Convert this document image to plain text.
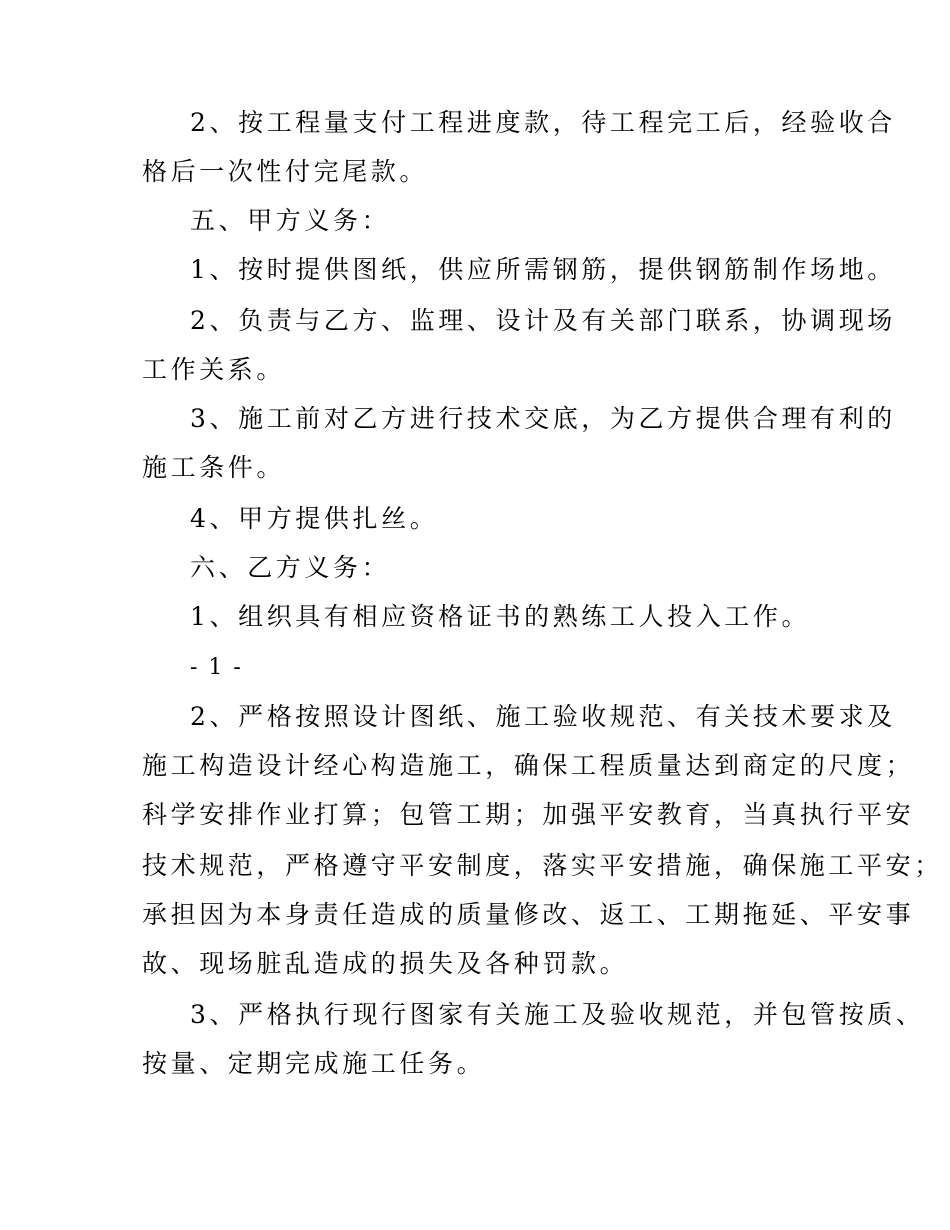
2、按工程量支付工程进度款，待工程完工后，经验收合
格后一次性付完尾款。
五、甲方义务：
1、按时提供图纸，供应所需钢筋，提供钢筋制作场地。
2、负责与乙方、监理、设计及有关部门联系，协调现场
工作关系。
3、施工前对乙方进行技术交底，为乙方提供合理有利的
施工条件。
4、甲方提供扎丝。
六、乙方义务：
1、组织具有相应资格证书的熟练工人投入工作。
- 1 -
2、严格按照设计图纸、施工验收规范、有关技术要求及
施工构造设计经心构造施工，确保工程质量达到商定的尺度；
科学安排作业打算；包管工期；加强平安教育，当真执行平安
技术规范，严格遵守平安制度，落实平安措施，确保施工平安；
承担因为本身责任造成的质量修改、返工、工期拖延、平安事
故、现场脏乱造成的损失及各种罚款。
3、严格执行现行图家有关施工及验收规范，并包管按质、
按量、定期完成施工任务。
